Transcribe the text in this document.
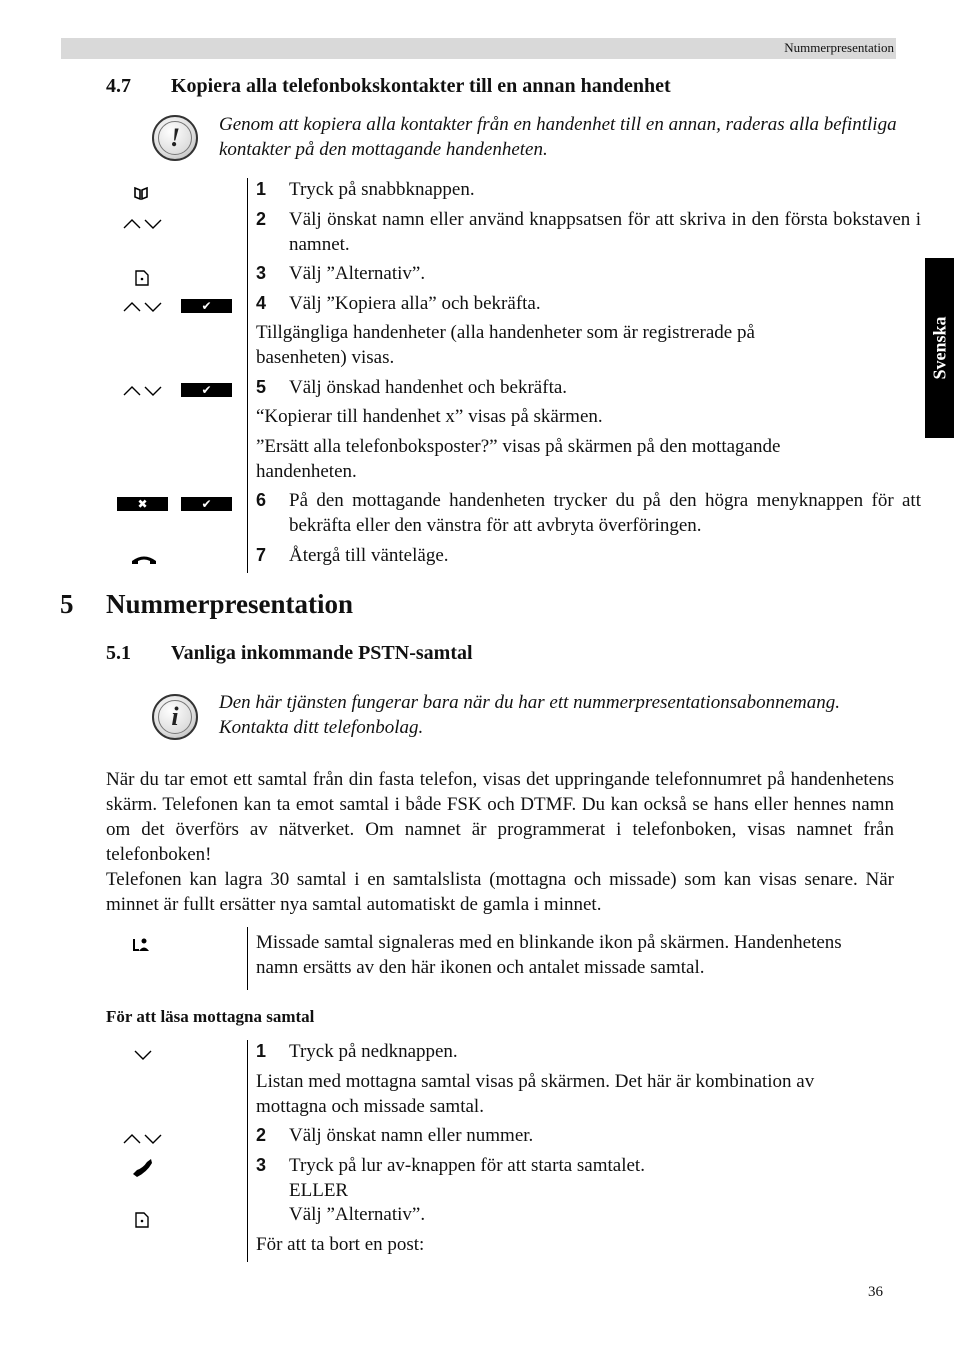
Nummerpresentation
Svenska
4.7 Kopiera alla telefonbokskontakter till en annan handenhet
!	Genom att kopiera alla kontakter från en handenhet till en annan, raderas alla befintliga kontakter på den mottagande handenheten.
✔
✔
✖	✔
1 Tryck på snabbknappen.
2 Välj önskat namn eller använd knappsatsen för att skriva in den första bokstaven i namnet.
3 Välj ”Alternativ”.
4 Välj ”Kopiera alla” och bekräfta.
Tillgängliga handenheter (alla handenheter som är registrerade på basenheten) visas.
5 Välj önskad handenhet och bekräfta.
“Kopierar till handenhet x” visas på skärmen.
”Ersätt alla telefonboksposter?” visas på skärmen på den mottagande handenheten.
6 På den mottagande handenheten trycker du på den högra menyknappen för att bekräfta eller den vänstra för att avbryta överföringen.
7 Återgå till vänteläge.
5 Nummerpresentation
5.1 Vanliga inkommande PSTN-samtal
i	Den här tjänsten fungerar bara när du har ett nummerpresentationsabonnemang. Kontakta ditt telefonbolag.
När du tar emot ett samtal från din fasta telefon, visas det uppringande telefonnumret på handenhetens skärm. Telefonen kan ta emot samtal i både FSK och DTMF. Du kan också se hans eller hennes namn om det överförs av nätverket. Om namnet är programmerat i telefonboken, visas namnet från telefonboken!
Telefonen kan lagra 30 samtal i en samtalslista (mottagna och missade) som kan visas senare. När minnet är fullt ersätter nya samtal automatiskt de gamla i minnet.
Missade samtal signaleras med en blinkande ikon på skärmen. Handenhetens namn ersätts av den här ikonen och antalet missade samtal.
För att läsa mottagna samtal
1 Tryck på nedknappen.
Listan med mottagna samtal visas på skärmen. Det här är kombination av mottagna och missade samtal.
2 Välj önskat namn eller nummer.
3 Tryck på lur av-knappen för att starta samtalet.
ELLER
Välj ”Alternativ”.
För att ta bort en post:
36
